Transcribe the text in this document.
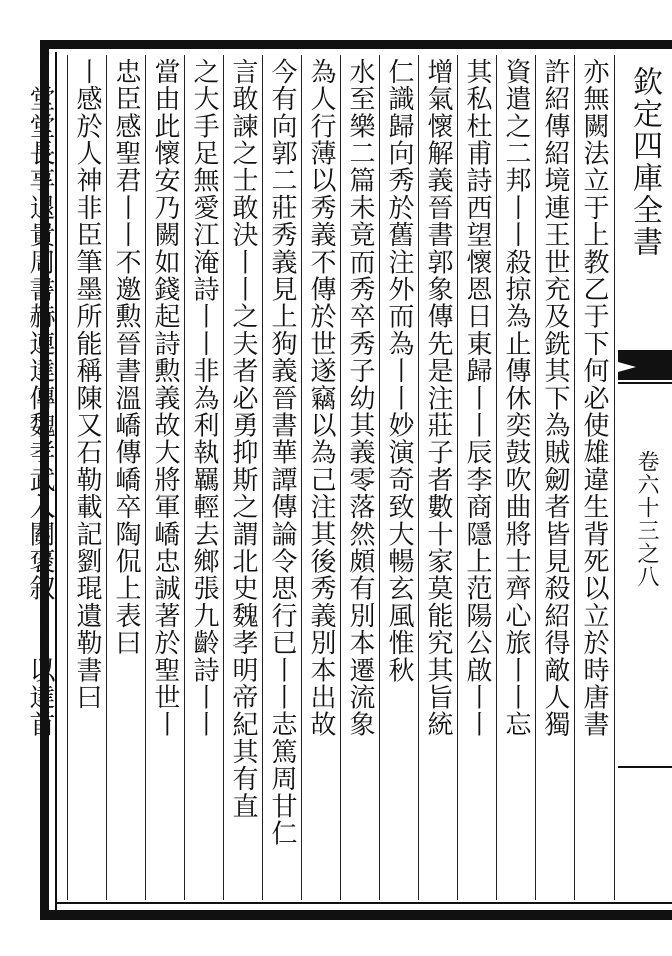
欽定四庫全書
卷六十三之八
亦無闕法立于上教乙于下何必使雄違生背死以立於時唐書
許紹傳紹境連王世充及銑其下為賊劒者皆見殺紹得敵人獨
資遣之二邦丨丨殺掠為止傳休奕鼓吹曲將士齊心旅丨丨忘
其私杜甫詩西望懷恩日東歸丨丨辰李商隱上范陽公啟丨丨
增氣懷解義晉書郭象傳先是注莊子者數十家莫能究其旨統
仁識歸向秀於舊注外而為丨丨妙演奇致大暢玄風惟秋
水至樂二篇未竟而秀卒秀子幼其義零落然頗有別本遷流象
為人行薄以秀義不傳於世遂竊以為己注其後秀義別本出故
今有向郭二莊秀義見上狗義晉書華譚傳論令思行已丨丨志篤周甘仁
言敢諫之士敢決丨丨之夫者必勇抑斯之謂北史魏孝明帝紀其有直
之大手足無愛江淹詩丨丨非為利執羈輕去鄉張九齡詩丨丨
當由此懷安乃闕如錢起詩勲義故大將軍嶠忠誠著於聖世丨
忠臣感聖君丨丨不邀勲晉書溫嶠傳嶠卒陶侃上表曰
丨感於人神非臣筆墨所能稱陳又石勒載記劉琨遺勒書曰
丨堂堂長享退貴周書赫連達傳魏孝武入關褒叙丨丨以達首
